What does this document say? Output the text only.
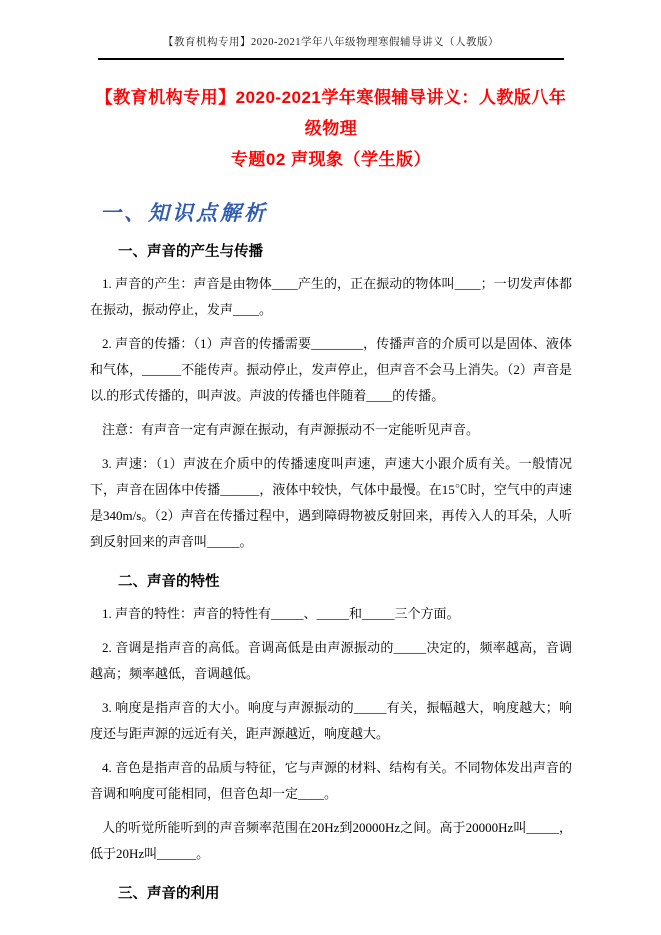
【教育机构专用】2020-2021学年八年级物理寒假辅导讲义（人教版）
【教育机构专用】2020-2021学年寒假辅导讲义：人教版八年级物理
专题02 声现象（学生版）
一、知识点解析
一、声音的产生与传播

1. 声音的产生：声音是由物体____产生的，正在振动的物体叫____；一切发声体都在振动，振动停止，发声____。

2. 声音的传播：（1）声音的传播需要________，传播声音的介质可以是固体、液体和气体，______不能传声。振动停止，发声停止，但声音不会马上消失。（2）声音是以.的形式传播的，叫声波。声波的传播也伴随着____的传播。

注意：有声音一定有声源在振动，有声源振动不一定能听见声音。

3. 声速：（1）声波在介质中的传播速度叫声速，声速大小跟介质有关。一般情况下，声音在固体中传播______，液体中较快，气体中最慢。在15℃时，空气中的声速是340m/s。（2）声音在传播过程中，遇到障碍物被反射回来，再传入人的耳朵，人听到反射回来的声音叫_____。

二、声音的特性

1. 声音的特性：声音的特性有_____、_____和_____三个方面。

2. 音调是指声音的高低。音调高低是由声源振动的_____决定的，频率越高，音调越高；频率越低，音调越低。

3. 响度是指声音的大小。响度与声源振动的_____有关，振幅越大，响度越大；响度还与距声源的远近有关，距声源越近，响度越大。

4. 音色是指声音的品质与特征，它与声源的材料、结构有关。不同物体发出声音的音调和响度可能相同，但音色却一定____。

人的听觉所能听到的声音频率范围在20Hz到20000Hz之间。高于20000Hz叫_____，低于20Hz叫______。

三、声音的利用
